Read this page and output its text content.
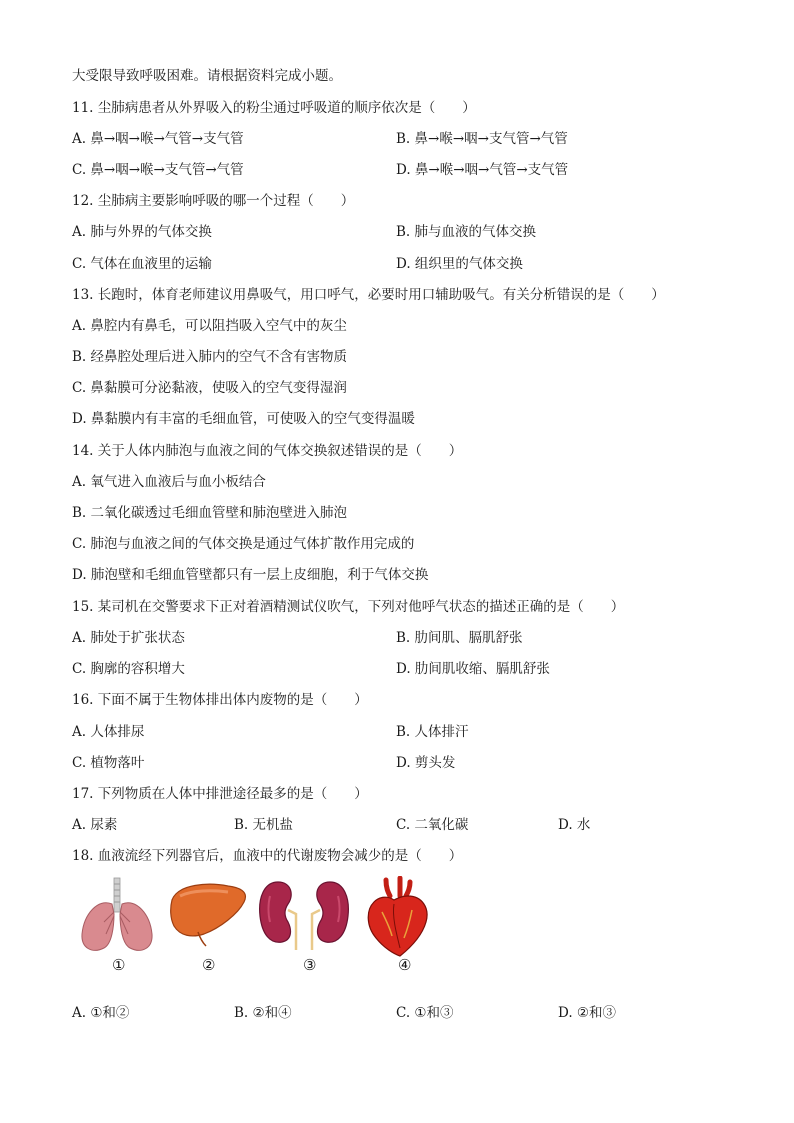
大受限导致呼吸困难。请根据资料完成小题。
11. 尘肺病患者从外界吸入的粉尘通过呼吸道的顺序依次是（　　）
A. 鼻→咽→喉→气管→支气管	B. 鼻→喉→咽→支气管→气管
C. 鼻→咽→喉→支气管→气管	D. 鼻→喉→咽→气管→支气管
12. 尘肺病主要影响呼吸的哪一个过程（　　）
A. 肺与外界的气体交换	B. 肺与血液的气体交换
C. 气体在血液里的运输	D. 组织里的气体交换
13. 长跑时，体育老师建议用鼻吸气，用口呼气，必要时用口辅助吸气。有关分析错误的是（　　）
A. 鼻腔内有鼻毛，可以阻挡吸入空气中的灰尘
B. 经鼻腔处理后进入肺内的空气不含有害物质
C. 鼻黏膜可分泌黏液，使吸入的空气变得湿润
D. 鼻黏膜内有丰富的毛细血管，可使吸入的空气变得温暖
14. 关于人体内肺泡与血液之间的气体交换叙述错误的是（　　）
A. 氧气进入血液后与血小板结合
B. 二氧化碳透过毛细血管壁和肺泡壁进入肺泡
C. 肺泡与血液之间的气体交换是通过气体扩散作用完成的
D. 肺泡壁和毛细血管壁都只有一层上皮细胞，利于气体交换
15. 某司机在交警要求下正对着酒精测试仪吹气，下列对他呼气状态的描述正确的是（　　）
A. 肺处于扩张状态	B. 肋间肌、膈肌舒张
C. 胸廓的容积增大	D. 肋间肌收缩、膈肌舒张
16. 下面不属于生物体排出体内废物的是（　　）
A. 人体排尿	B. 人体排汗
C. 植物落叶	D. 剪头发
17. 下列物质在人体中排泄途径最多的是（　　）
A. 尿素	B. 无机盐	C. 二氧化碳	D. 水
18. 血液流经下列器官后，血液中的代谢废物会减少的是（　　）
①	②	③	④
A. ①和②	B. ②和④	C. ①和③	D. ②和③
